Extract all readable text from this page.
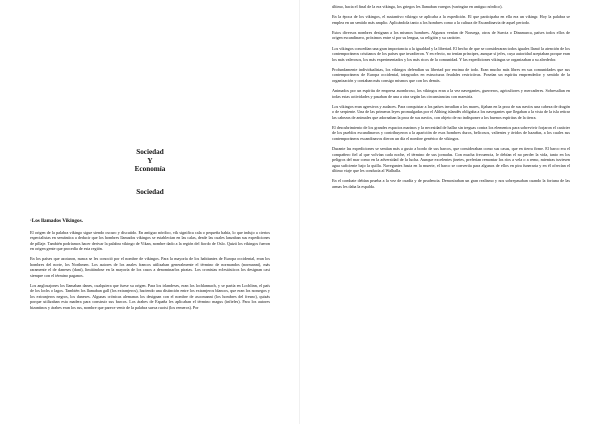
Sociedad
Y
Economía
Sociedad
·Los llamados Vikingos.

El origen de la palabra vikingo sigue siendo oscuro y discutido. En antiguo nórdico, vík significa cala o pequeña bahía, lo que indujo a ciertos especialistas en semántica a deducir que los hombres llamados vikingos se establecían en las calas, desde las cuales lanzaban sus expediciones de pillaje. También podríamos hacer derivar la palabra vikingo de Vikan, nombre dado a la región del fiordo de Oslo. Quizá los vikingos fueron en origen gente que procedía de esta región.

En los países que azotaron, nunca se les conoció por el nombre de vikingos. Para la mayoría de los habitantes de Europa occidental, eran los hombres del norte, los Northmen. Los autores de los anales francos utilizaban generalmente el término de normandos (normanni), más raramente el de daneses (dani), limitándose en la mayoría de los casos a denominarlos piratas. Los cronistas eclesiásticos los designan casi siempre con el término paganos.

Los anglosajones los llamaban danes, cualquiera que fuese su origen. Para los irlandeses, eran los lochlannach, y se partía en Lochlinn, el país de los lochs o lagos. También los llamaban gall (los extranjeros), haciendo una distinción entre los extranjeros blancos, que eran los noruegos y los extranjeros negros, los daneses. Algunas crónicas alemanas los designan con el nombre de ascomanni (los hombres del fresno), quizás porque utilizaban esta madera para construir sus barcos. Los árabes de España les aplicaban el término magus (infieles). Para los autores bizantinos y árabes eran los rus, nombre que parece venir de la palabra sueca ruotsi (los remeros). Por

último, hacia el final de la era vikinga, los griegos les llamaban varegos (varingiar en antiguo nórdico).

En la época de los vikingos, el sustantivo vikingo se aplicaba a la expedición. El que participaba en ella era un vikingr. Hoy la palabra se emplea en un sentido más amplio. Aplicándola tanto a los hombres como a la cultura de Escandinavia de aquel periodo.

Estos diversos nombres designan a los mismos hombres. Algunos venían de Noruega, otros de Suecia o Dinamarca, países todos ellos de origen escandinavo, próximos entre sí por su lengua, su religión y su carácter.

Los vikingos concedían una gran importancia a la igualdad y la libertad. El hecho de que se consideraran todos iguales llamó la atención de los contemporáneos cristianos de los países que invadieron. Y en efecto, no tenían príncipes, aunque sí jefes, cuya autoridad aceptaban porque eran los más valerosos, los más experimentados y los más ricos de la comunidad. Y las expediciones vikingas se organizaban a su alrededor.

Profundamente individualistas, los vikingos defendían su libertad por encima de todo. Eran mucho más libres en sus comunidades que sus contemporáneos de Europa occidental, integrados en estructuras feudales restrictivas. Poseían un espíritu emprendedor y sentido de la organización y contaban más consigo mismos que con los demás.

Animados por un espíritu de empresa asombroso, los vikingos eran a la vez navegantes, guerreros, agricultores y mercaderes. Sobresalían en todas estas actividades y pasaban de una a otra según las circunstancias con maestría.

Los vikingos eran agresivos y audaces. Para conquistar a los países invadían a los mares, fijaban en la proa de sus navíos una cabeza de dragón o de serpiente. Una de las primeras leyes promulgadas por el Althing islandés obligaba a los navegantes que llegaban a la vista de la isla retirar las cabezas de animales que adornaban la proa de sus navíos, con objeto de no indisponer a los buenos espíritus de la tierra.

El descubrimiento de los grandes espacios marinos y la necesidad de hallar sin treguas contra los elementos para sobrevivir forjaron el carácter de los pueblos escandinavos y contribuyeron a la aparición de esos hombres duros, belicosos, valientes y ávidos de hazañas, a los cuales sus contemporáneos escandinavos dieron un día el nombre genérico de vikingos.

Durante las expediciones se sentían más a gusto a bordo de sus barcos, que consideraban como sus casas, que en tierra firme. El barco era el compañero fiel al que volvían cada noche, el término de sus jornadas. Con mucha frecuencia, le debían el no perder la vida, tanto en los peligros del mar como en la adversidad de la lucha. Aunque excelentes jinetes, preferían remontar los ríos a vela o a remo, mientras tuviesen agua suficiente bajo la quilla. Navegantes hasta en la muerte, el barco se convertía para algunos de ellos en pira funeraria y en él ofrecían el último viaje que les conducía al Walhalla.

En el combate debían prueba a la vez de osadía y de prudencia. Demostraban un gran realismo y nos sobrepasaban cuando la fortuna de las armas les daba la espalda.
